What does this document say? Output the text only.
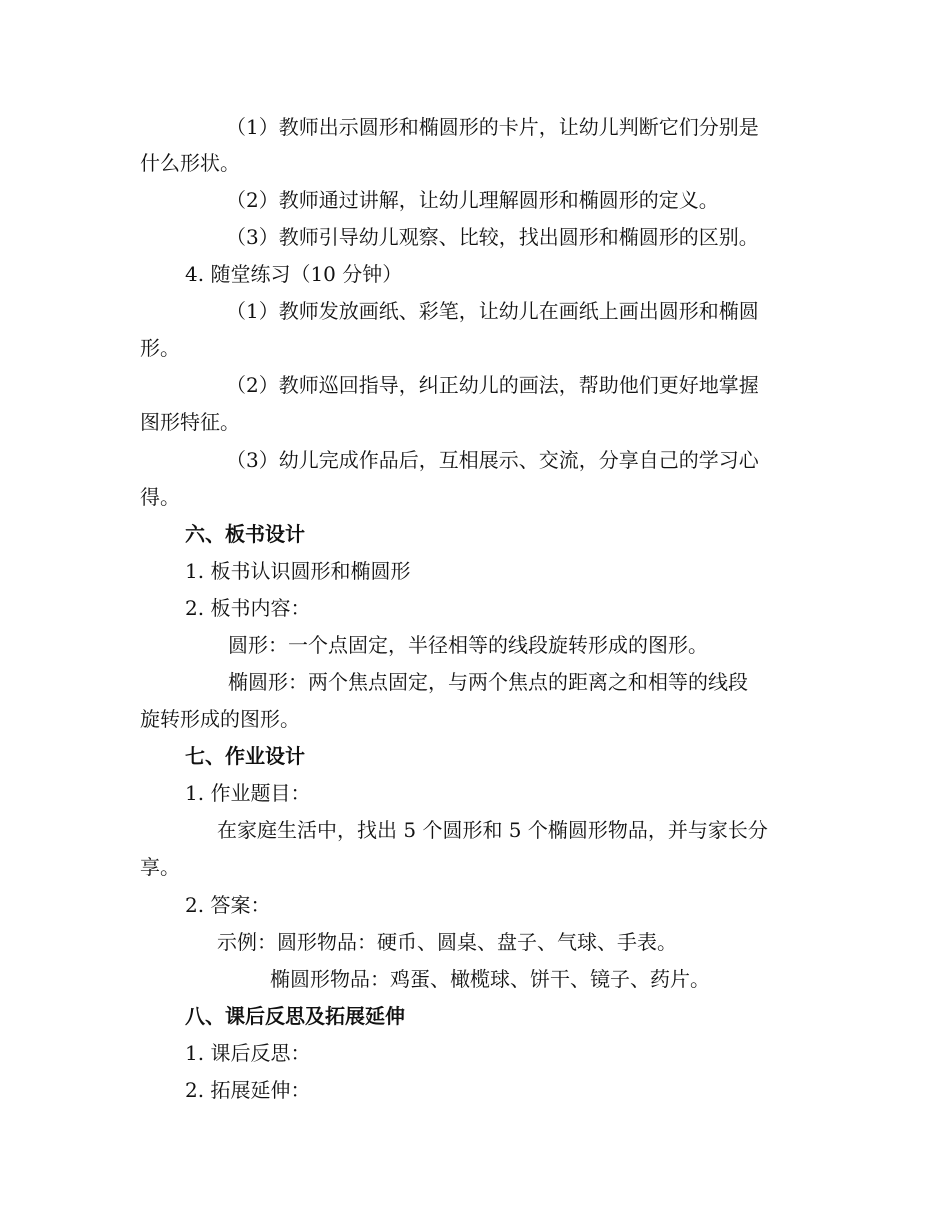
（1）教师出示圆形和椭圆形的卡片，让幼儿判断它们分别是
什么形状。
（2）教师通过讲解，让幼儿理解圆形和椭圆形的定义。
（3）教师引导幼儿观察、比较，找出圆形和椭圆形的区别。
4. 随堂练习（10 分钟）
（1）教师发放画纸、彩笔，让幼儿在画纸上画出圆形和椭圆
形。
（2）教师巡回指导，纠正幼儿的画法，帮助他们更好地掌握
图形特征。
（3）幼儿完成作品后，互相展示、交流，分享自己的学习心
得。
六、板书设计
1. 板书认识圆形和椭圆形
2. 板书内容：
圆形：一个点固定，半径相等的线段旋转形成的图形。
椭圆形：两个焦点固定，与两个焦点的距离之和相等的线段
旋转形成的图形。
七、作业设计
1. 作业题目：
在家庭生活中，找出 5 个圆形和 5 个椭圆形物品，并与家长分
享。
2. 答案：
示例：圆形物品：硬币、圆桌、盘子、气球、手表。
椭圆形物品：鸡蛋、橄榄球、饼干、镜子、药片。
八、课后反思及拓展延伸
1. 课后反思：
2. 拓展延伸：
